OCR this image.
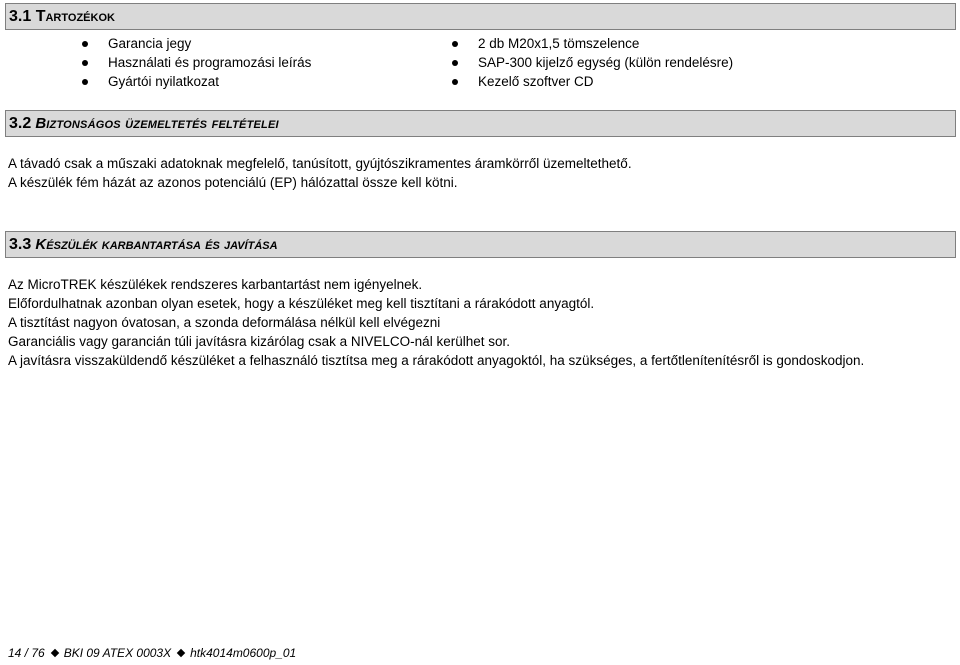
3.1
T artozékok
Garancia jegy
Használati és programozási leírás
Gyártói nyilatkozat
2 db M20x1,5 tömszelence
SAP-300 kijelző egység (külön rendelésre)
Kezelő szoftver CD
3.2
B iztonságos üzemeltetés feltételei

A távadó csak a műszaki adatoknak megfelelő, tanúsított, gyújtószikramentes áramkörről üzemeltethető.

A készülék fém házát az azonos potenciálú (EP) hálózattal össze kell kötni.

3.3
K észülék karbantartása és javítása

Az MicroTREK készülékek rendszeres karbantartást nem igényelnek.

Előfordulhatnak azonban olyan esetek, hogy a készüléket meg kell tisztítani a rárakódott anyagtól.

A tisztítást nagyon óvatosan, a szonda deformálása nélkül kell elvégezni

Garanciális vagy garancián túli javításra kizárólag csak a NIVELCO-nál kerülhet sor.

A javításra visszaküldendő készüléket a felhasználó tisztítsa meg a rárakódott anyagoktól, ha szükséges, a fertőtlenítenítésről is gondoskodjon.

14 / 76 BKI 09 ATEX 0003X htk4014m0600p_01
